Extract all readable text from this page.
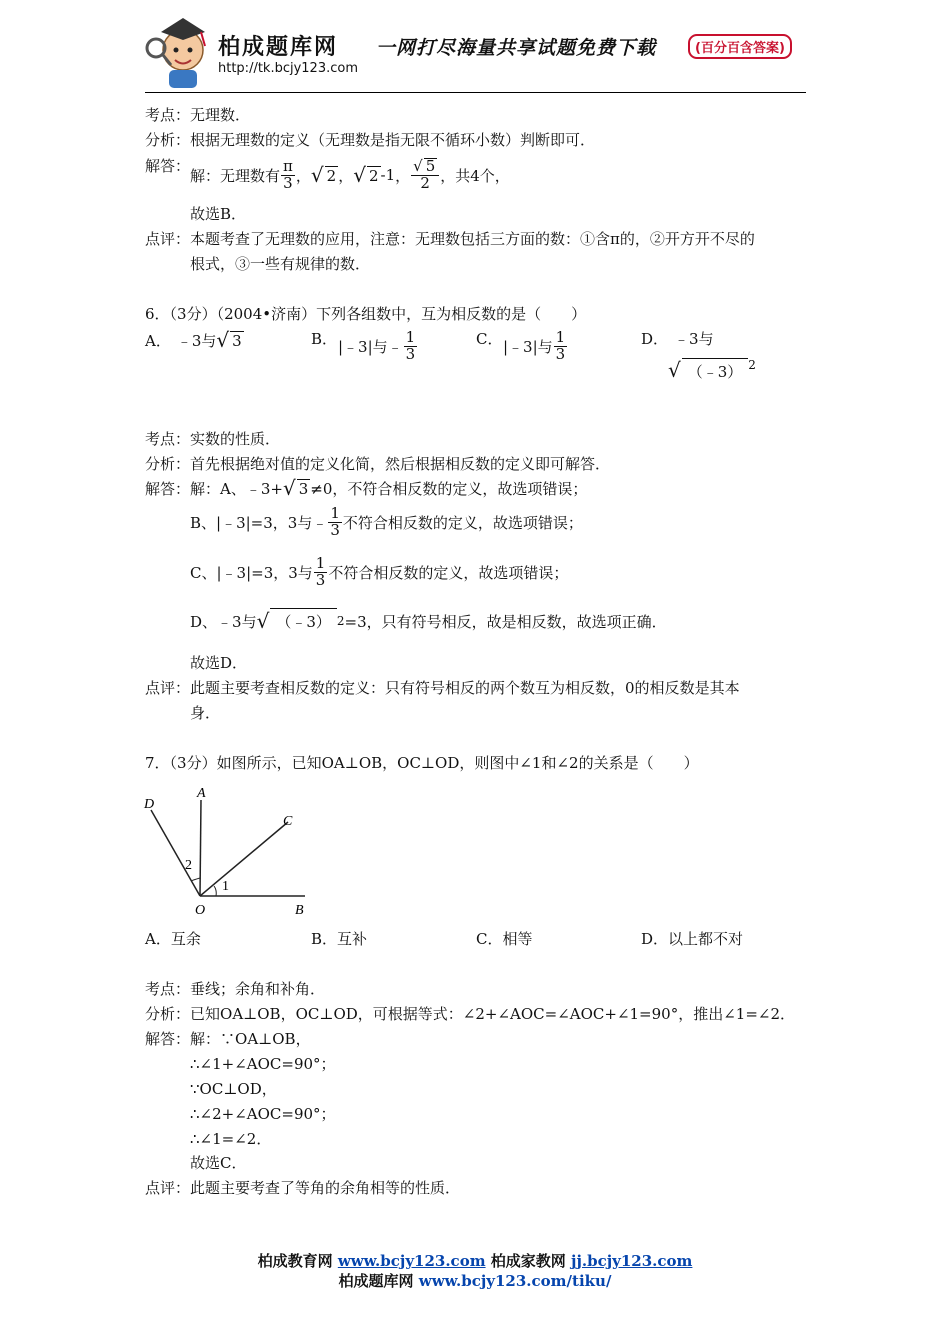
柏成题库网 一网打尽海量共享试题免费下载	(百分百含答案)
http://tk.bcjy123.com
考点：无理数．
分析：根据无理数的定义（无理数是指无限不循环小数）判断即可．
解答：
解：无理数有 $\frac{\pi}{3}$ ， √ 2 ， √ 2 -1 ， $\frac{√ 5}{2}$ ，共4个，
故选B．
点评：本题考查了无理数的应用，注意：无理数包括三方面的数：①含π的，②开方开不尽的
根式，③一些有规律的数．
6．（3分）（2004•济南）下列各组数中，互为相反数的是（　　）
A． ﹣3与 √ 3	B． |﹣3|与﹣ $\frac{1}{3}$	C． |﹣3|与 $\frac{1}{3}$	D． ﹣3与
√ （﹣3） $^2$
考点：实数的性质．
分析：首先根据绝对值的定义化简，然后根据相反数的定义即可解答．
解答： 解：A、﹣3+ √ 3 ≠0，不符合相反数的定义，故选项错误；
B、|﹣3|=3，3与﹣ $\frac{1}{3}$ 不符合相反数的定义，故选项错误；
C、|﹣3|=3，3与 $\frac{1}{3}$ 不符合相反数的定义，故选项错误；
D、﹣3与 √ （﹣3） 2 =3，只有符号相反，故是相反数，故选项正确．
故选D．
点评：此题主要考查相反数的定义：只有符号相反的两个数互为相反数，0的相反数是其本
身．
7．（3分）如图所示，已知OA⊥OB，OC⊥OD，则图中∠1和∠2的关系是（　　）
A
C
D
O	B
2
1
A．互余	B．互补	C．相等	D．以上都不对
考点：垂线；余角和补角．
分析：已知OA⊥OB，OC⊥OD，可根据等式：∠2+∠AOC=∠AOC+∠1=90°，推出∠1=∠2．
解答：解：∵OA⊥OB，
∴∠1+∠AOC=90°；
∵OC⊥OD，
∴∠2+∠AOC=90°；
∴∠1=∠2．
故选C．
点评：此题主要考查了等角的余角相等的性质．
柏成教育网 www.bcjy123.com 柏成家教网 jj.bcjy123.com
柏成题库网 www.bcjy123.com/tiku/
